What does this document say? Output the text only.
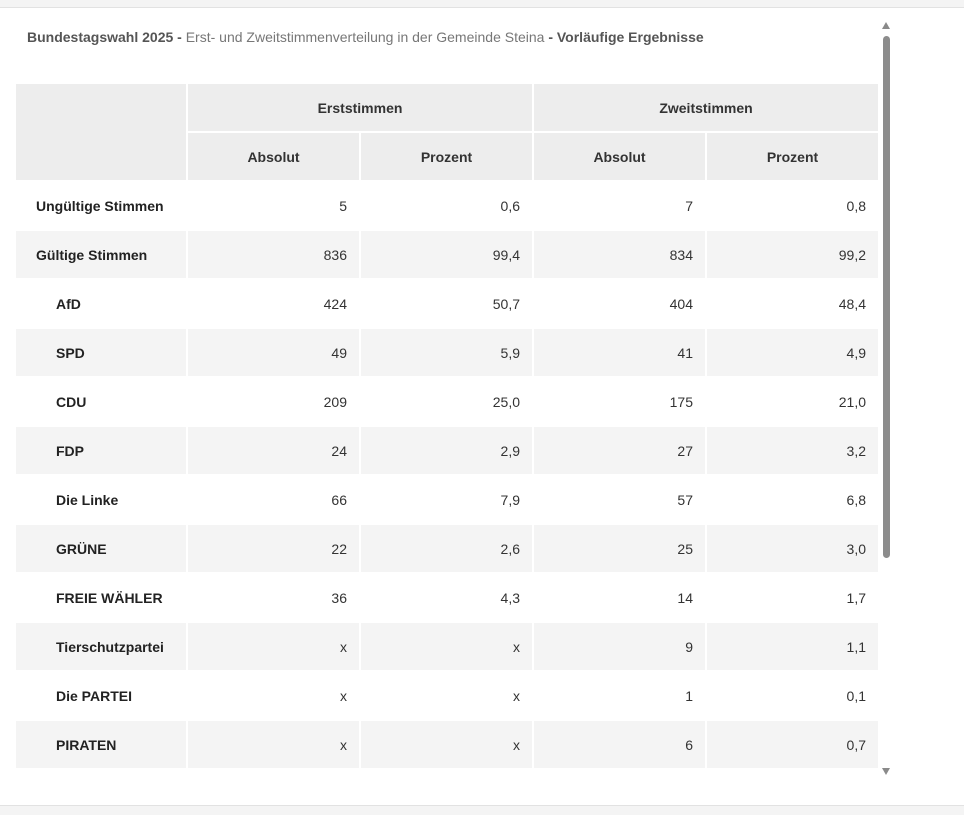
Bundestagswahl 2025 - Erst- und Zweitstimmenverteilung in der Gemeinde Steina - Vorläufige Ergebnisse
	Erststimmen		Zweitstimmen	
	Absolut	Prozent	Absolut	Prozent
Ungültige Stimmen	5	0,6	7	0,8
Gültige Stimmen	836	99,4	834	99,2
AfD	424	50,7	404	48,4
SPD	49	5,9	41	4,9
CDU	209	25,0	175	21,0
FDP	24	2,9	27	3,2
Die Linke	66	7,9	57	6,8
GRÜNE	22	2,6	25	3,0
FREIE WÄHLER	36	4,3	14	1,7
Tierschutzpartei	x	x	9	1,1
Die PARTEI	x	x	1	0,1
PIRATEN	x	x	6	0,7
